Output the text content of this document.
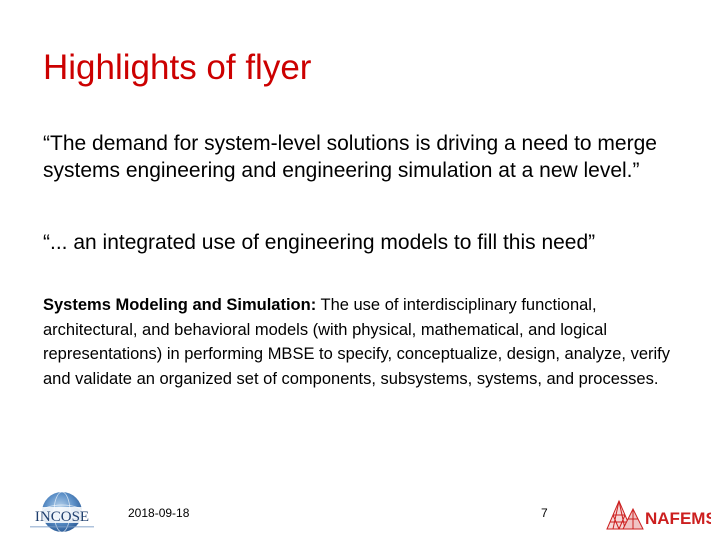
Highlights of flyer
“The demand for system-level solutions is driving a need to merge systems engineering and engineering simulation at a new level.”
“... an integrated use of engineering models to fill this need”
Systems Modeling and Simulation: The use of interdisciplinary functional, architectural, and behavioral models (with physical, mathematical, and logical representations) in performing MBSE to specify, conceptualize, design, analyze, verify and validate an organized set of components, subsystems, systems, and processes.
INCOSE	2018-09-18	7	NAFEMS
